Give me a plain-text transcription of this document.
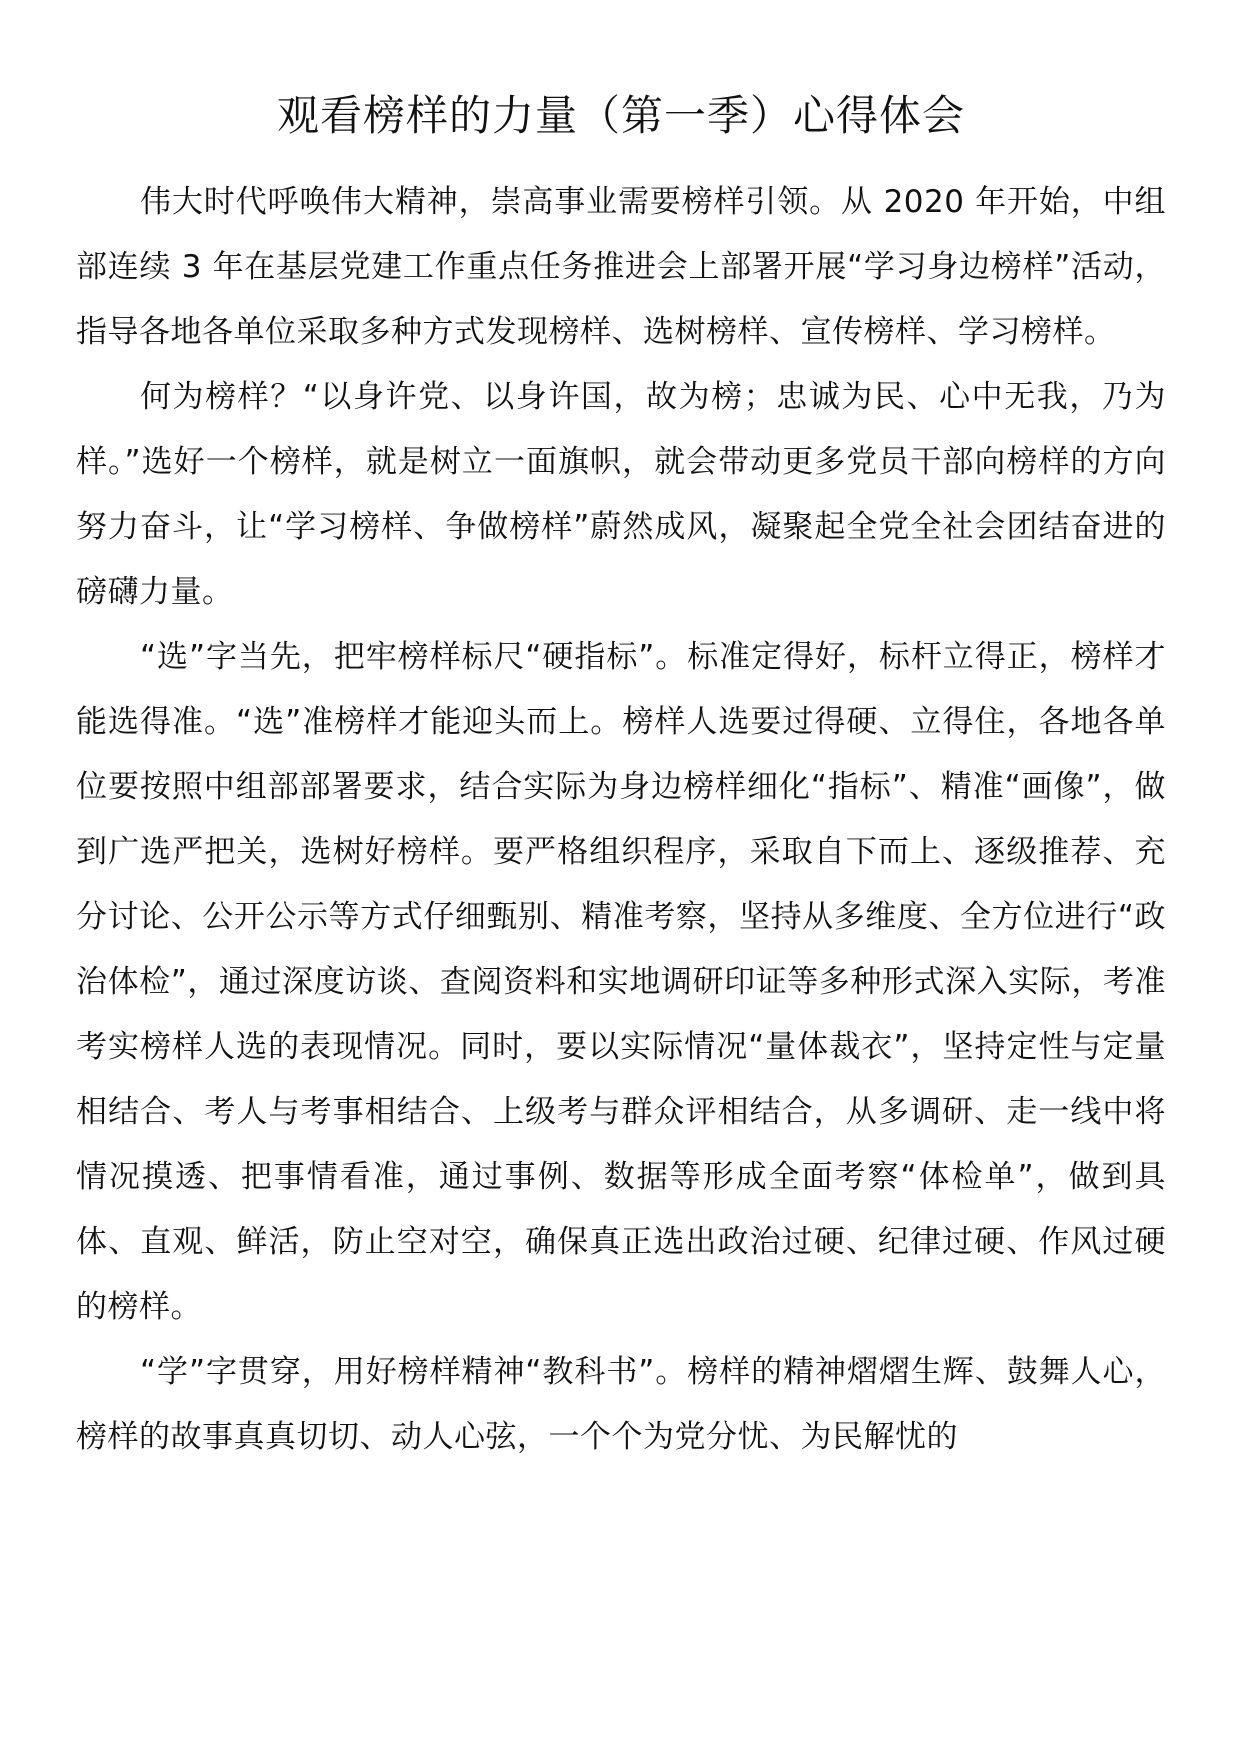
观看榜样的力量（第一季）心得体会

伟大时代呼唤伟大精神，崇高事业需要榜样引领。从 2020 年开始，中组部连续 3 年在基层党建工作重点任务推进会上部署开展“学习身边榜样”活动，指导各地各单位采取多种方式发现榜样、选树榜样、宣传榜样、学习榜样。

何为榜样？“以身许党、以身许国，故为榜；忠诚为民、心中无我，乃为样。”选好一个榜样，就是树立一面旗帜，就会带动更多党员干部向榜样的方向努力奋斗，让“学习榜样、争做榜样”蔚然成风，凝聚起全党全社会团结奋进的磅礴力量。

“选”字当先，把牢榜样标尺“硬指标”。标准定得好，标杆立得正，榜样才能选得准。“选”准榜样才能迎头而上。榜样人选要过得硬、立得住，各地各单位要按照中组部部署要求，结合实际为身边榜样细化“指标”、精准“画像”，做到广选严把关，选树好榜样。要严格组织程序，采取自下而上、逐级推荐、充分讨论、公开公示等方式仔细甄别、精准考察，坚持从多维度、全方位进行“政治体检”，通过深度访谈、查阅资料和实地调研印证等多种形式深入实际，考准考实榜样人选的表现情况。同时，要以实际情况“量体裁衣”，坚持定性与定量相结合、考人与考事相结合、上级考与群众评相结合，从多调研、走一线中将情况摸透、把事情看准，通过事例、数据等形成全面考察“体检单”，做到具体、直观、鲜活，防止空对空，确保真正选出政治过硬、纪律过硬、作风过硬的榜样。

“学”字贯穿，用好榜样精神“教科书”。榜样的精神熠熠生辉、鼓舞人心，榜样的故事真真切切、动人心弦，一个个为党分忧、为民解忧的
